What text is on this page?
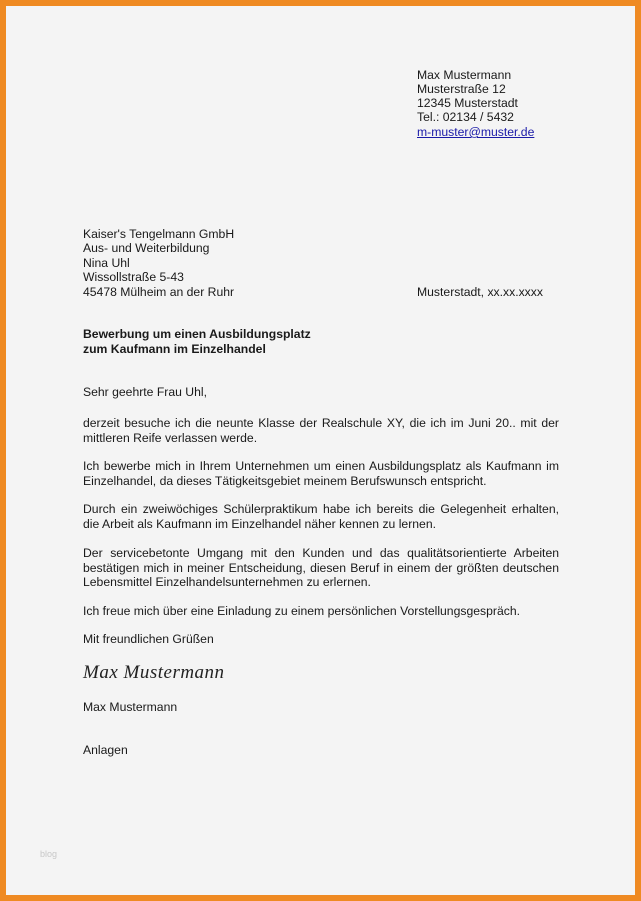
Max Mustermann
Musterstraße 12
12345 Musterstadt
Tel.: 02134 / 5432
m-muster@muster.de
Kaiser's Tengelmann GmbH
Aus- und Weiterbildung
Nina Uhl
Wissollstraße 5-43
45478 Mülheim an der Ruhr	Musterstadt, xx.xx.xxxx
Bewerbung um einen Ausbildungsplatz
zum Kaufmann im Einzelhandel
Sehr geehrte Frau Uhl,
derzeit besuche ich die neunte Klasse der Realschule XY, die ich im Juni 20.. mit der mittleren Reife verlassen werde.
Ich bewerbe mich in Ihrem Unternehmen um einen Ausbildungsplatz als Kaufmann im Einzelhandel, da dieses Tätigkeitsgebiet meinem Berufswunsch entspricht.
Durch ein zweiwöchiges Schülerpraktikum habe ich bereits die Gelegenheit erhalten, die Arbeit als Kaufmann im Einzelhandel näher kennen zu lernen.
Der servicebetonte Umgang mit den Kunden und das qualitätsorientierte Arbeiten bestätigen mich in meiner Entscheidung, diesen Beruf in einem der größten deutschen Lebensmittel Einzelhandelsunternehmen zu erlernen.
Ich freue mich über eine Einladung zu einem persönlichen Vorstellungsgespräch.
Mit freundlichen Grüßen
Max Mustermann
Max Mustermann
Anlagen
blog
